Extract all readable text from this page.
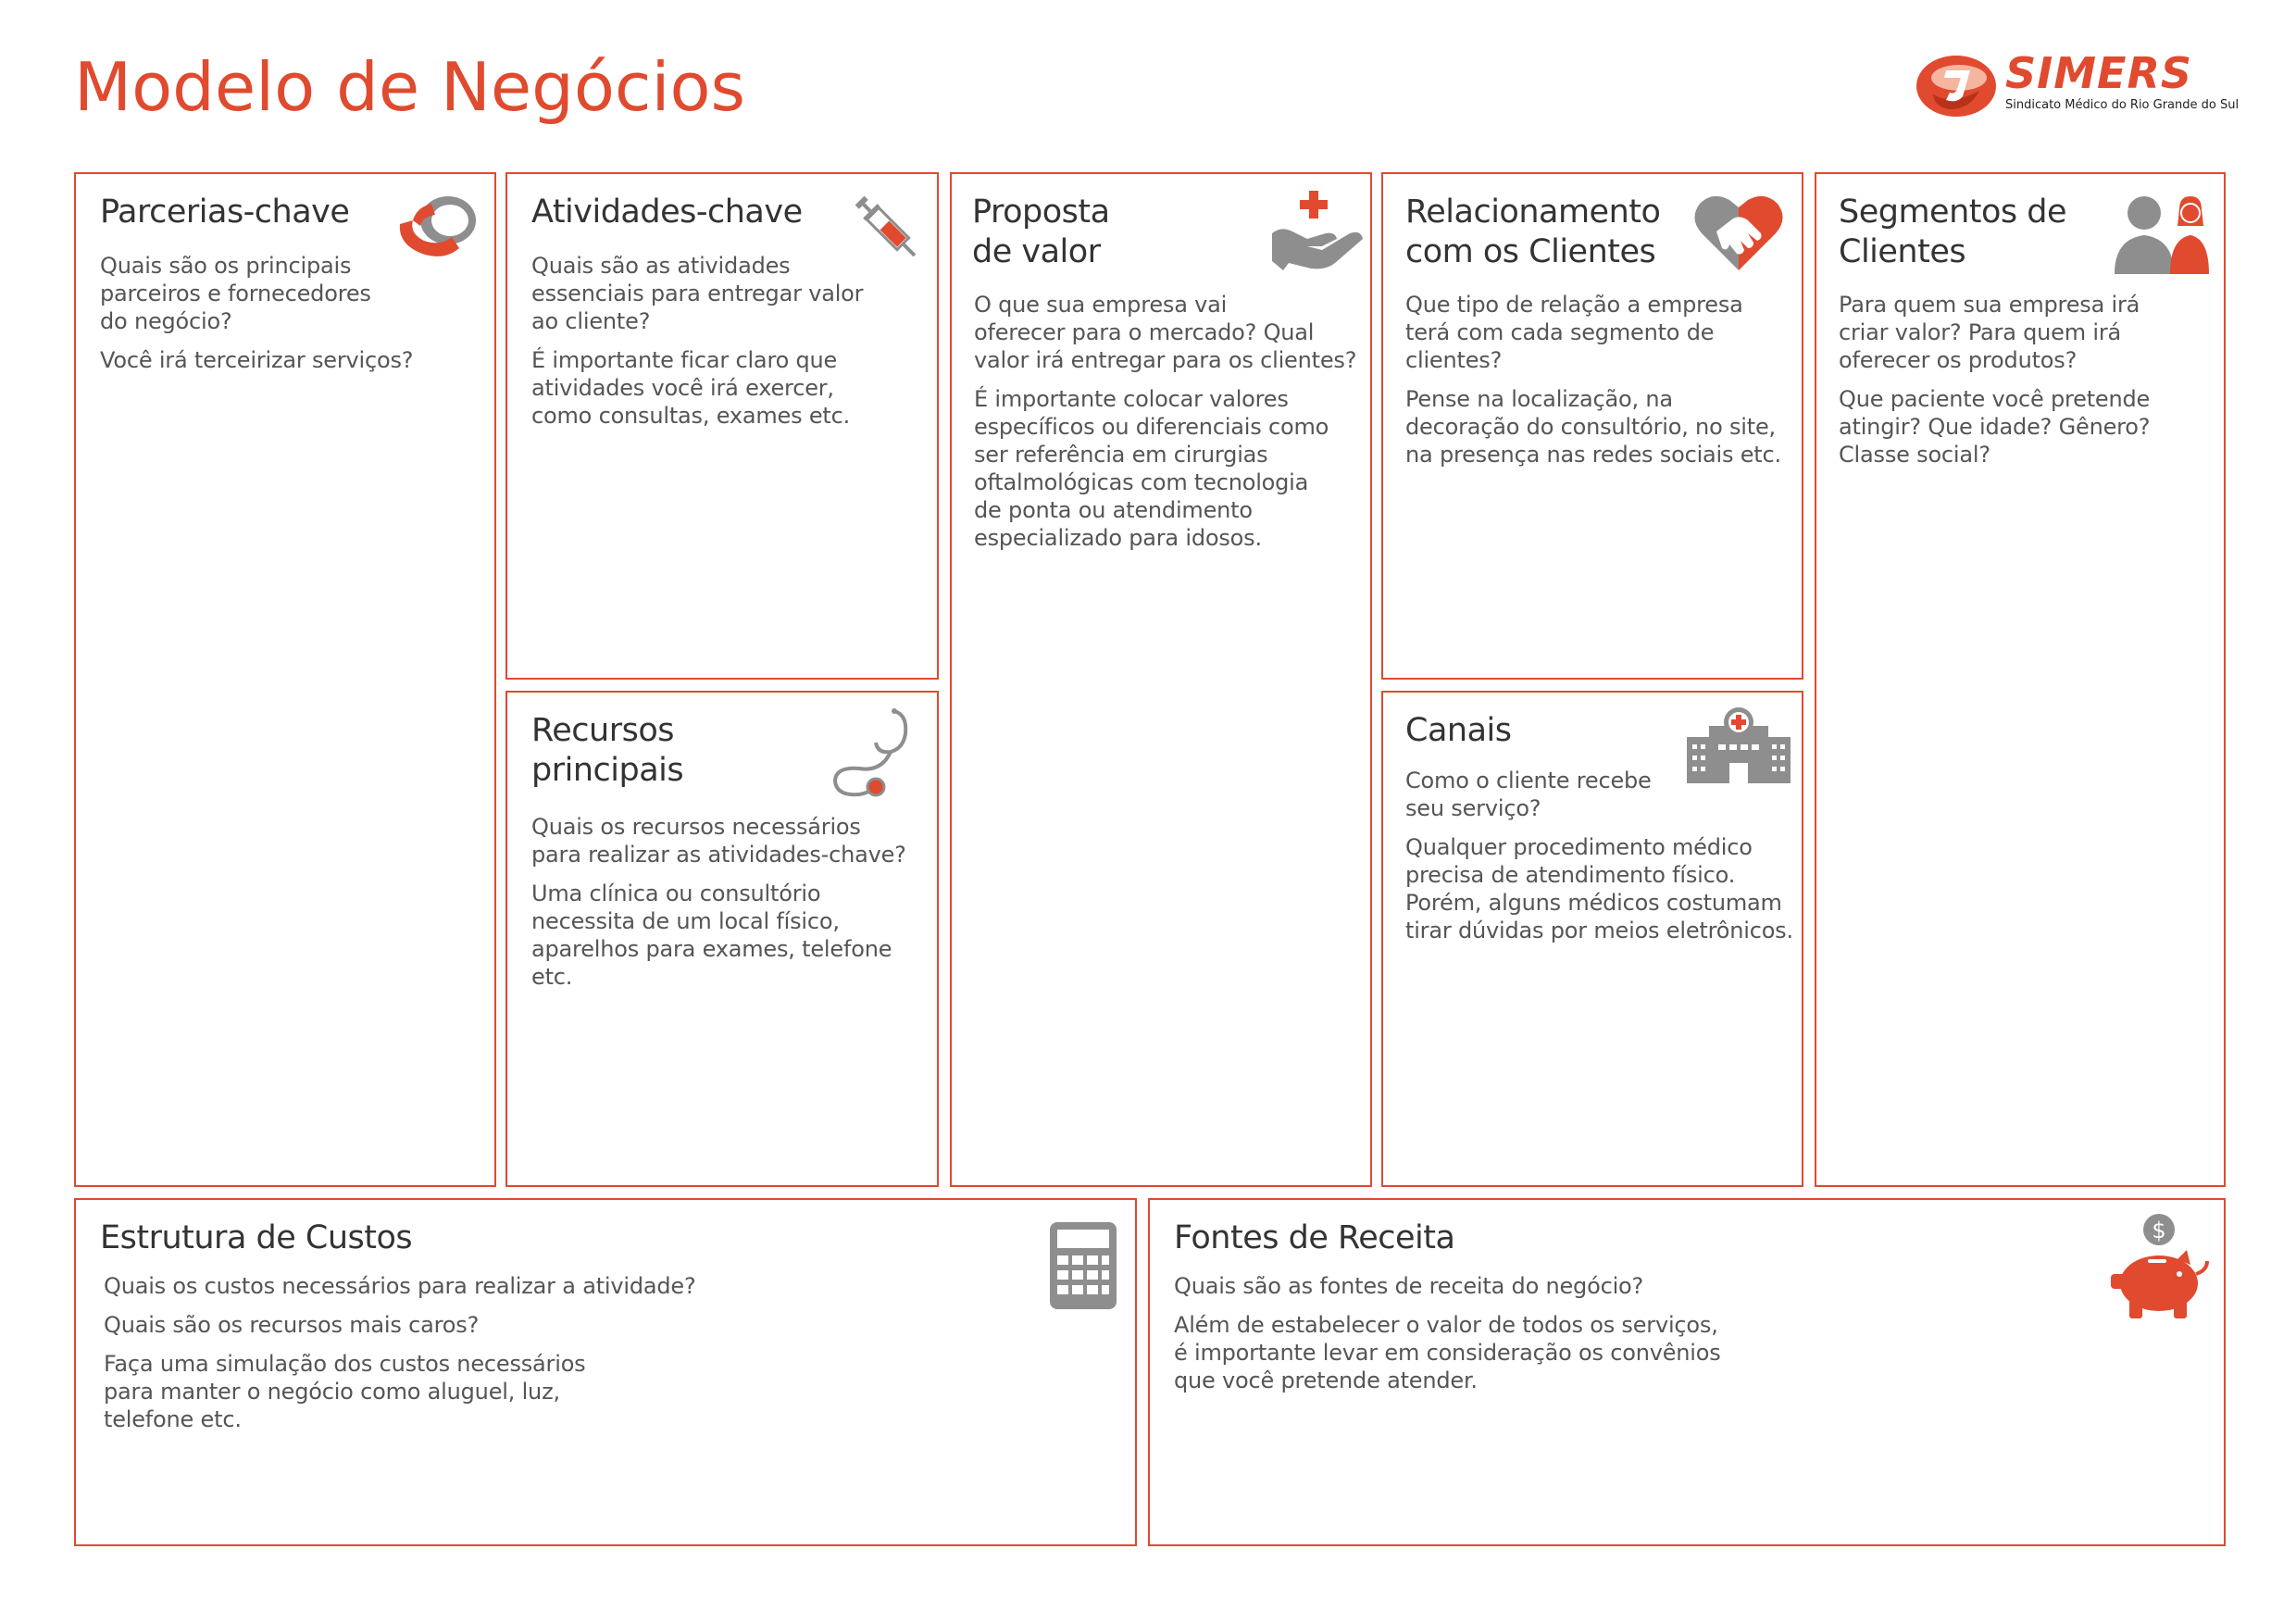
Modelo de Negócios	SIMERS
Sindicato Médico do Rio Grande do Sul
Parcerias-chave

Quais são os principais
parceiros e fornecedores
do negócio?

Você irá terceirizar serviços?

Atividades-chave

Quais são as atividades
essenciais para entregar valor
ao cliente?

É importante ficar claro que
atividades você irá exercer,
como consultas, exames etc.

Recursos
principais

Quais os recursos necessários
para realizar as atividades-chave?

Uma clínica ou consultório
necessita de um local físico,
aparelhos para exames, telefone etc.

Proposta
de valor

O que sua empresa vai
oferecer para o mercado? Qual
valor irá entregar para os clientes?

É importante colocar valores
específicos ou diferenciais como
ser referência em cirurgias
oftalmológicas com tecnologia
de ponta ou atendimento
especializado para idosos.

Relacionamento
com os Clientes

Que tipo de relação a empresa
terá com cada segmento de
clientes?

Pense na localização, na
decoração do consultório, no site,
na presença nas redes sociais etc.

Canais

Como o cliente recebe
seu serviço?

Qualquer procedimento médico
precisa de atendimento físico.
Porém, alguns médicos costumam
tirar dúvidas por meios eletrônicos.

Segmentos de
Clientes

Para quem sua empresa irá
criar valor? Para quem irá
oferecer os produtos?

Que paciente você pretende
atingir? Que idade? Gênero?
Classe social?

Estrutura de Custos

Quais os custos necessários para realizar a atividade?

Quais são os recursos mais caros?

Faça uma simulação dos custos necessários
para manter o negócio como aluguel, luz,
telefone etc.

Fontes de Receita	$

Quais são as fontes de receita do negócio?

Além de estabelecer o valor de todos os serviços,
é importante levar em consideração os convênios
que você pretende atender.
